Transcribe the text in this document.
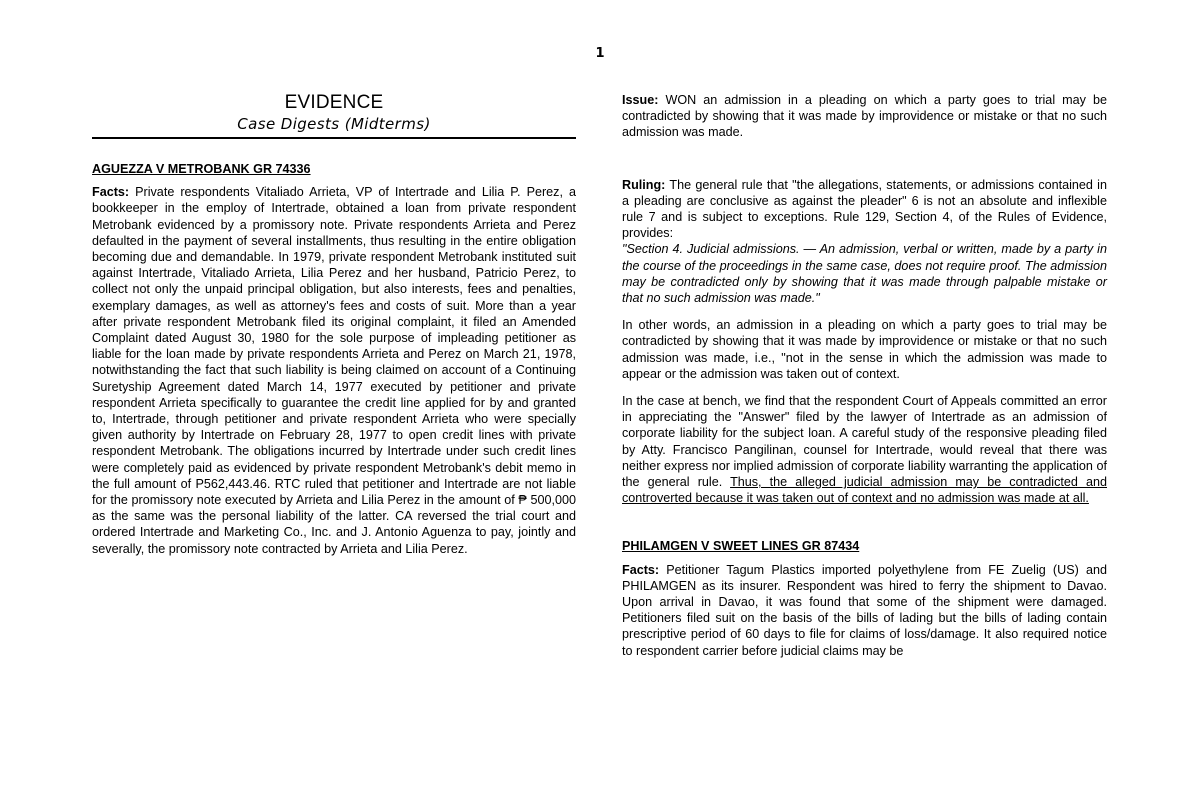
1
EVIDENCE
Case Digests (Midterms)
AGUEZZA V METROBANK GR 74336

Facts: Private respondents Vitaliado Arrieta, VP of Intertrade and Lilia P. Perez, a bookkeeper in the employ of Intertrade, obtained a loan from private respondent Metrobank evidenced by a promissory note. Private respondents Arrieta and Perez defaulted in the payment of several installments, thus resulting in the entire obligation becoming due and demandable. In 1979, private respondent Metrobank instituted suit against Intertrade, Vitaliado Arrieta, Lilia Perez and her husband, Patricio Perez, to collect not only the unpaid principal obligation, but also interests, fees and penalties, exemplary damages, as well as attorney's fees and costs of suit. More than a year after private respondent Metrobank filed its original complaint, it filed an Amended Complaint dated August 30, 1980 for the sole purpose of impleading petitioner as liable for the loan made by private respondents Arrieta and Perez on March 21, 1978, notwithstanding the fact that such liability is being claimed on account of a Continuing Suretyship Agreement dated March 14, 1977 executed by petitioner and private respondent Arrieta specifically to guarantee the credit line applied for by and granted to, Intertrade, through petitioner and private respondent Arrieta who were specially given authority by Intertrade on February 28, 1977 to open credit lines with private respondent Metrobank. The obligations incurred by Intertrade under such credit lines were completely paid as evidenced by private respondent Metrobank's debit memo in the full amount of P562,443.46. RTC ruled that petitioner and Intertrade are not liable for the promissory note executed by Arrieta and Lilia Perez in the amount of ₱ 500,000 as the same was the personal liability of the latter. CA reversed the trial court and ordered Intertrade and Marketing Co., Inc. and J. Antonio Aguenza to pay, jointly and severally, the promissory note contracted by Arrieta and Lilia Perez.

Issue: WON an admission in a pleading on which a party goes to trial may be contradicted by showing that it was made by improvidence or mistake or that no such admission was made.

Ruling: The general rule that "the allegations, statements, or admissions contained in a pleading are conclusive as against the pleader" 6 is not an absolute and inflexible rule 7 and is subject to exceptions. Rule 129, Section 4, of the Rules of Evidence, provides:

"Section 4. Judicial admissions. — An admission, verbal or written, made by a party in the course of the proceedings in the same case, does not require proof. The admission may be contradicted only by showing that it was made through palpable mistake or that no such admission was made."

In other words, an admission in a pleading on which a party goes to trial may be contradicted by showing that it was made by improvidence or mistake or that no such admission was made, i.e., "not in the sense in which the admission was made to appear or the admission was taken out of context.

In the case at bench, we find that the respondent Court of Appeals committed an error in appreciating the "Answer" filed by the lawyer of Intertrade as an admission of corporate liability for the subject loan. A careful study of the responsive pleading filed by Atty. Francisco Pangilinan, counsel for Intertrade, would reveal that there was neither express nor implied admission of corporate liability warranting the application of the general rule. Thus, the alleged judicial admission may be contradicted and controverted because it was taken out of context and no admission was made at all.

PHILAMGEN V SWEET LINES GR 87434

Facts: Petitioner Tagum Plastics imported polyethylene from FE Zuelig (US) and PHILAMGEN as its insurer. Respondent was hired to ferry the shipment to Davao. Upon arrival in Davao, it was found that some of the shipment were damaged. Petitioners filed suit on the basis of the bills of lading but the bills of lading contain prescriptive period of 60 days to file for claims of loss/damage. It also required notice to respondent carrier before judicial claims may be
